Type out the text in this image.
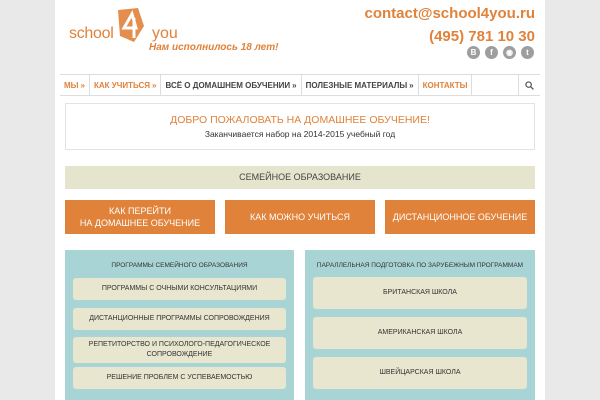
school you
Нам исполнилось 18 лет!
contact@school4you.ru
(495) 781 10 30
В	f	◉	t
МЫ » КАК УЧИТЬСЯ » ВСЁ О ДОМАШНЕМ ОБУЧЕНИИ » ПОЛЕЗНЫЕ МАТЕРИАЛЫ » КОНТАКТЫ
ДОБРО ПОЖАЛОВАТЬ НА ДОМАШНЕЕ ОБУЧЕНИЕ!
Заканчивается набор на 2014-2015 учебный год
СЕМЕЙНОЕ ОБРАЗОВАНИЕ
КАК ПЕРЕЙТИ
НА ДОМАШНЕЕ ОБУЧЕНИЕ
КАК МОЖНО УЧИТЬСЯ	ДИСТАНЦИОННОЕ ОБУЧЕНИЕ
ПРОГРАММЫ СЕМЕЙНОГО ОБРАЗОВАНИЯ
ПРОГРАММЫ С ОЧНЫМИ КОНСУЛЬТАЦИЯМИ
ДИСТАНЦИОННЫЕ ПРОГРАММЫ СОПРОВОЖДЕНИЯ
РЕПЕТИТОРСТВО И ПСИХОЛОГО-ПЕДАГОГИЧЕСКОЕ
СОПРОВОЖДЕНИЕ
РЕШЕНИЕ ПРОБЛЕМ С УСПЕВАЕМОСТЬЮ
ПАРАЛЛЕЛЬНАЯ ПОДГОТОВКА ПО ЗАРУБЕЖНЫМ ПРОГРАММАМ
БРИТАНСКАЯ ШКОЛА
АМЕРИКАНСКАЯ ШКОЛА
ШВЕЙЦАРСКАЯ ШКОЛА
